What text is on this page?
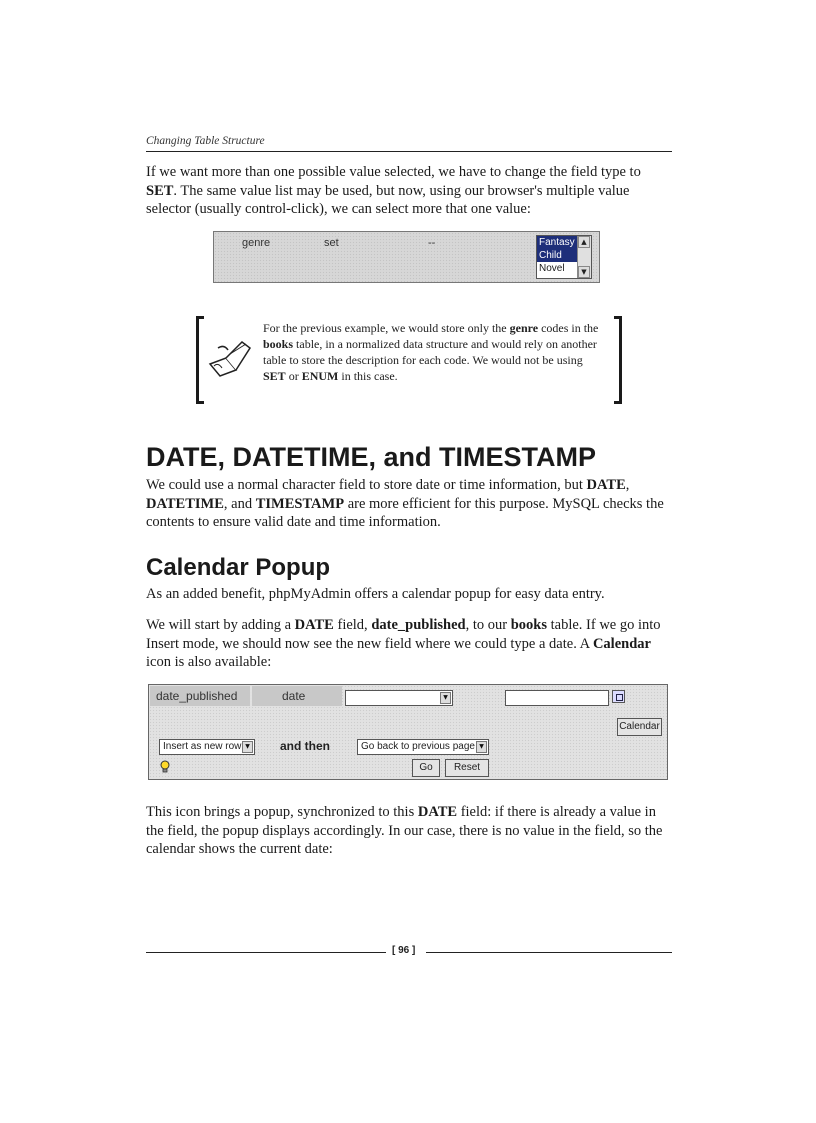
Changing Table Structure

If we want more than one possible value selected, we have to change the field type to SET. The same value list may be used, but now, using our browser's multiple value selector (usually control-click), we can select more that one value:

genre	set	--	Fantasy
Child
Novel
▲
▼

For the previous example, we would store only the genre codes in the books table, in a normalized data structure and would rely on another table to store the description for each code. We would not be using SET or ENUM in this case.

DATE, DATETIME, and TIMESTAMP

We could use a normal character field to store date or time information, but DATE, DATETIME, and TIMESTAMP are more efficient for this purpose. MySQL checks the contents to ensure valid date and time information.

Calendar Popup

As an added benefit, phpMyAdmin offers a calendar popup for easy data entry.

We will start by adding a DATE field, date_published, to our books table. If we go into Insert mode, we should now see the new field where we could type a date. A Calendar icon is also available:

date_published	date	▼
Calendar
Insert as new row ▼	and then	Go back to previous page ▼
Go	Reset

This icon brings a popup, synchronized to this DATE field: if there is already a value in the field, the popup displays accordingly. In our case, there is no value in the field, so the calendar shows the current date:

[ 96 ]
